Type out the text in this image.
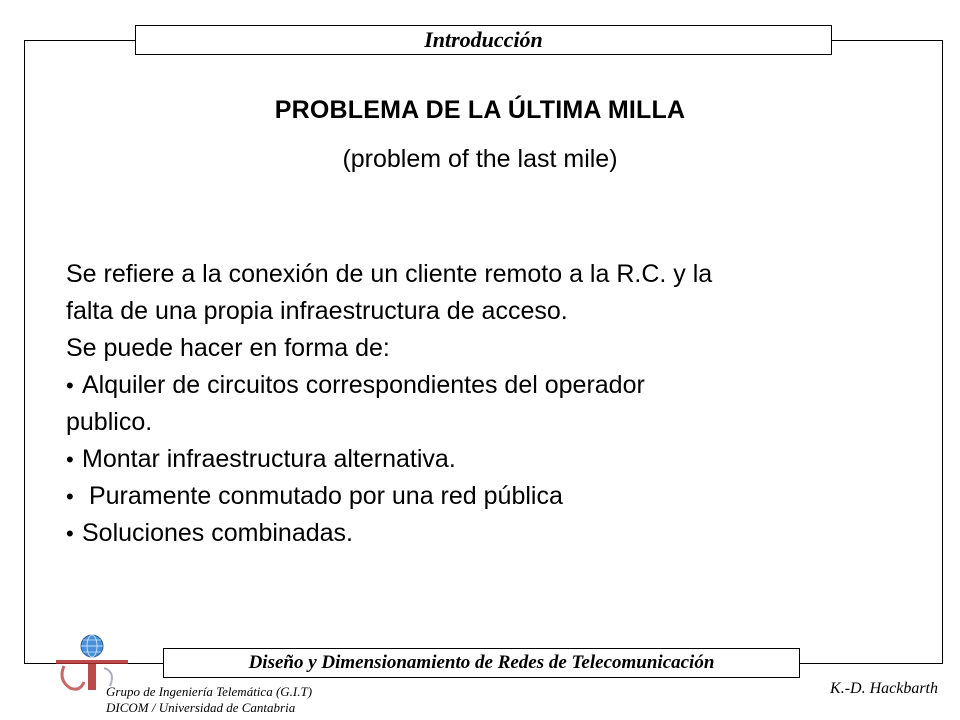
Introducción
PROBLEMA DE LA ÚLTIMA MILLA
(problem of the last mile)

Se refiere a la conexión de un cliente remoto a la R.C. y la

falta de una propia infraestructura de acceso.

Se puede hacer en forma de:

• Alquiler de circuitos correspondientes del operador

publico.

• Montar infraestructura alternativa.

• Puramente conmutado por una red pública

• Soluciones combinadas.

Diseño y Dimensionamiento de Redes de Telecomunicación
Grupo de Ingeniería Telemática (G.I.T)
DICOM / Universidad de Cantabria
K.-D. Hackbarth
